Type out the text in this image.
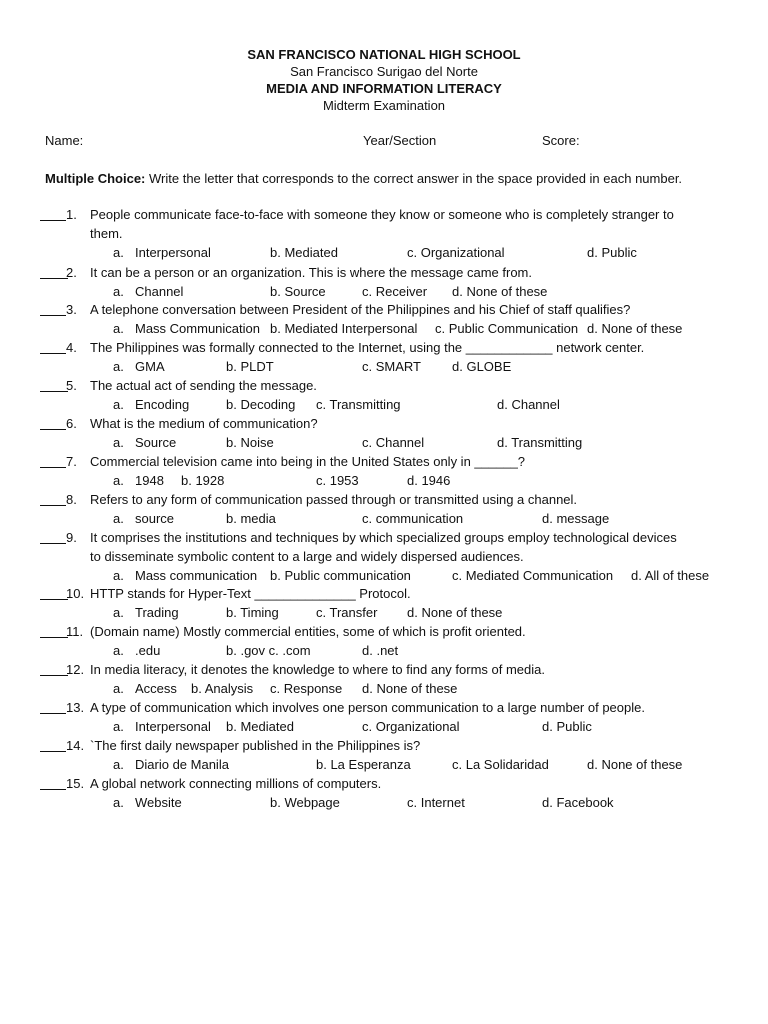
SAN FRANCISCO NATIONAL HIGH SCHOOL
San Francisco Surigao del Norte
MEDIA AND INFORMATION LITERACY
Midterm Examination
Name:	Year/Section	Score:
Multiple Choice: Write the letter that corresponds to the correct answer in the space provided in each number.
1. People communicate face-to-face with someone they know or someone who is completely stranger to
them.
a. Interpersonal	b. Mediated	c. Organizational	d. Public
2. It can be a person or an organization. This is where the message came from.
a. Channel	b. Source	c. Receiver d. None of these
3. A telephone conversation between President of the Philippines and his Chief of staff qualifies?
a. Mass Communication b. Mediated Interpersonal c. Public Communication d. None of these
4. The Philippines was formally connected to the Internet, using the ____________ network center.
a. GMA	b. PLDT	c. SMART d. GLOBE
5. The actual act of sending the message.
a. Encoding	b. Decoding c. Transmitting	d. Channel
6. What is the medium of communication?
a. Source	b. Noise	c. Channel	d. Transmitting
7. Commercial television came into being in the United States only in ______?
a. 1948 b. 1928	c. 1953	d. 1946
8. Refers to any form of communication passed through or transmitted using a channel.
a. source	b. media	c. communication	d. message
9. It comprises the institutions and techniques by which specialized groups employ technological devices
to disseminate symbolic content to a large and widely dispersed audiences.
a. Mass communication b. Public communication	c. Mediated Communication d. All of these
10. HTTP stands for Hyper-Text ______________ Protocol.
a. Trading	b. Timing	c. Transfer d. None of these
11. (Domain name) Mostly commercial entities, some of which is profit oriented.
a. .edu	b. .gov c. .com	d. .net
12. In media literacy, it denotes the knowledge to where to find any forms of media.
a. Access b. Analysis c. Response d. None of these
13. A type of communication which involves one person communication to a large number of people.
a. Interpersonal b. Mediated	c. Organizational	d. Public
14. `The first daily newspaper published in the Philippines is?
a. Diario de Manila	b. La Esperanza	c. La Solidaridad	d. None of these
15. A global network connecting millions of computers.
a. Website	b. Webpage	c. Internet	d. Facebook
